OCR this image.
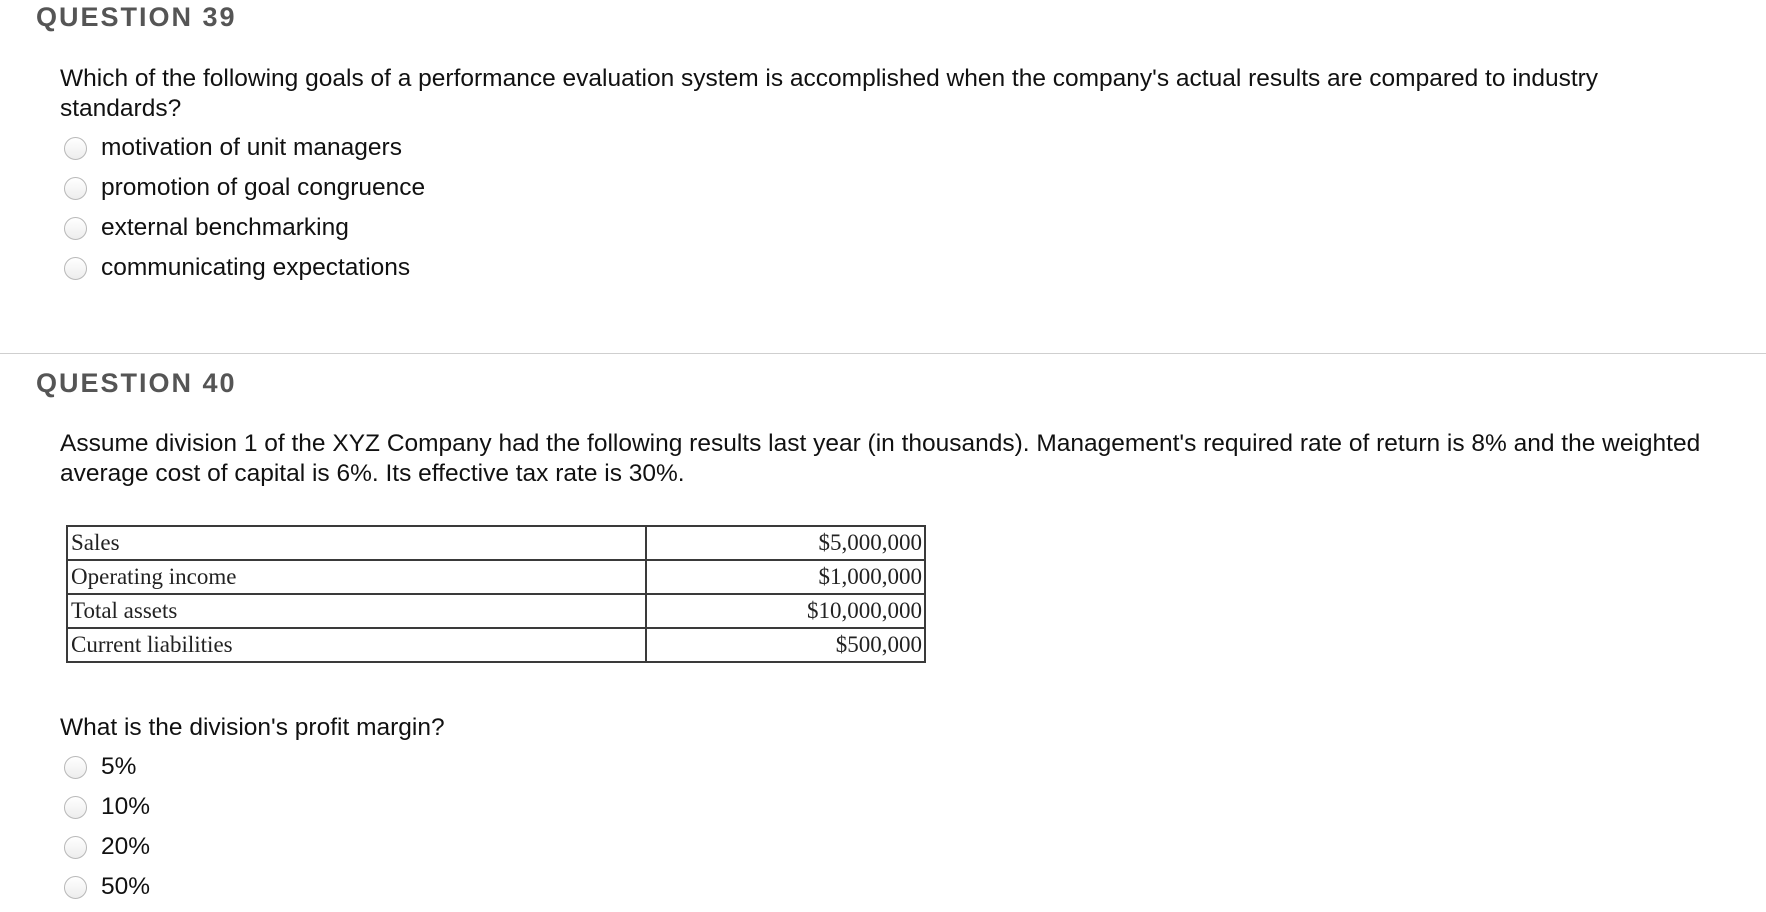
QUESTION 39
Which of the following goals of a performance evaluation system is accomplished when the company's actual results are compared to industry standards?
motivation of unit managers
promotion of goal congruence
external benchmarking
communicating expectations
QUESTION 40
Assume division 1 of the XYZ Company had the following results last year (in thousands). Management's required rate of return is 8% and the weighted average cost of capital is 6%. Its effective tax rate is 30%.
Sales	$5,000,000
Operating income	$1,000,000
Total assets	$10,000,000
Current liabilities	$500,000
What is the division's profit margin?
5%
10%
20%
50%
